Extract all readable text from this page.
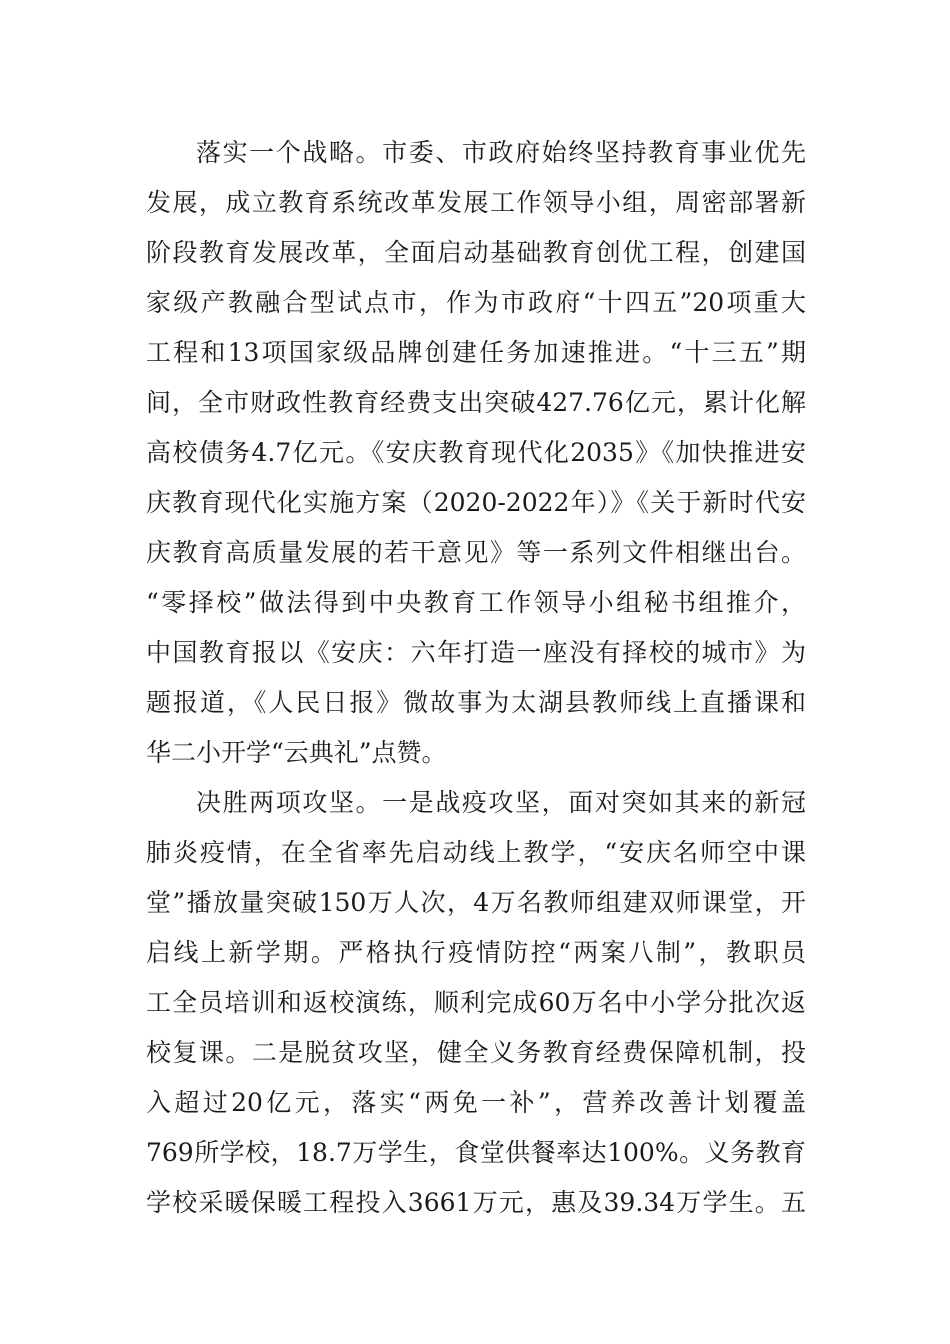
落实一个战略。市委、市政府始终坚持教育事业优先
发展，成立教育系统改革发展工作领导小组，周密部署新
阶段教育发展改革，全面启动基础教育创优工程，创建国
家级产教融合型试点市，作为市政府“十四五”20项重大
工程和13项国家级品牌创建任务加速推进。“十三五”期
间，全市财政性教育经费支出突破427.76亿元，累计化解
高校债务4.7亿元。《安庆教育现代化2035》《加快推进安
庆教育现代化实施方案（2020-2022年）》《关于新时代安
庆教育高质量发展的若干意见》等一系列文件相继出台。
“零择校”做法得到中央教育工作领导小组秘书组推介，
中国教育报以《安庆：六年打造一座没有择校的城市》为
题报道，《人民日报》微故事为太湖县教师线上直播课和
华二小开学“云典礼”点赞。
决胜两项攻坚。一是战疫攻坚，面对突如其来的新冠
肺炎疫情，在全省率先启动线上教学，“安庆名师空中课
堂”播放量突破150万人次，4万名教师组建双师课堂，开
启线上新学期。严格执行疫情防控“两案八制”，教职员
工全员培训和返校演练，顺利完成60万名中小学分批次返
校复课。二是脱贫攻坚，健全义务教育经费保障机制，投
入超过20亿元，落实“两免一补”，营养改善计划覆盖
769所学校，18.7万学生，食堂供餐率达100%。义务教育
学校采暖保暖工程投入3661万元，惠及39.34万学生。五
